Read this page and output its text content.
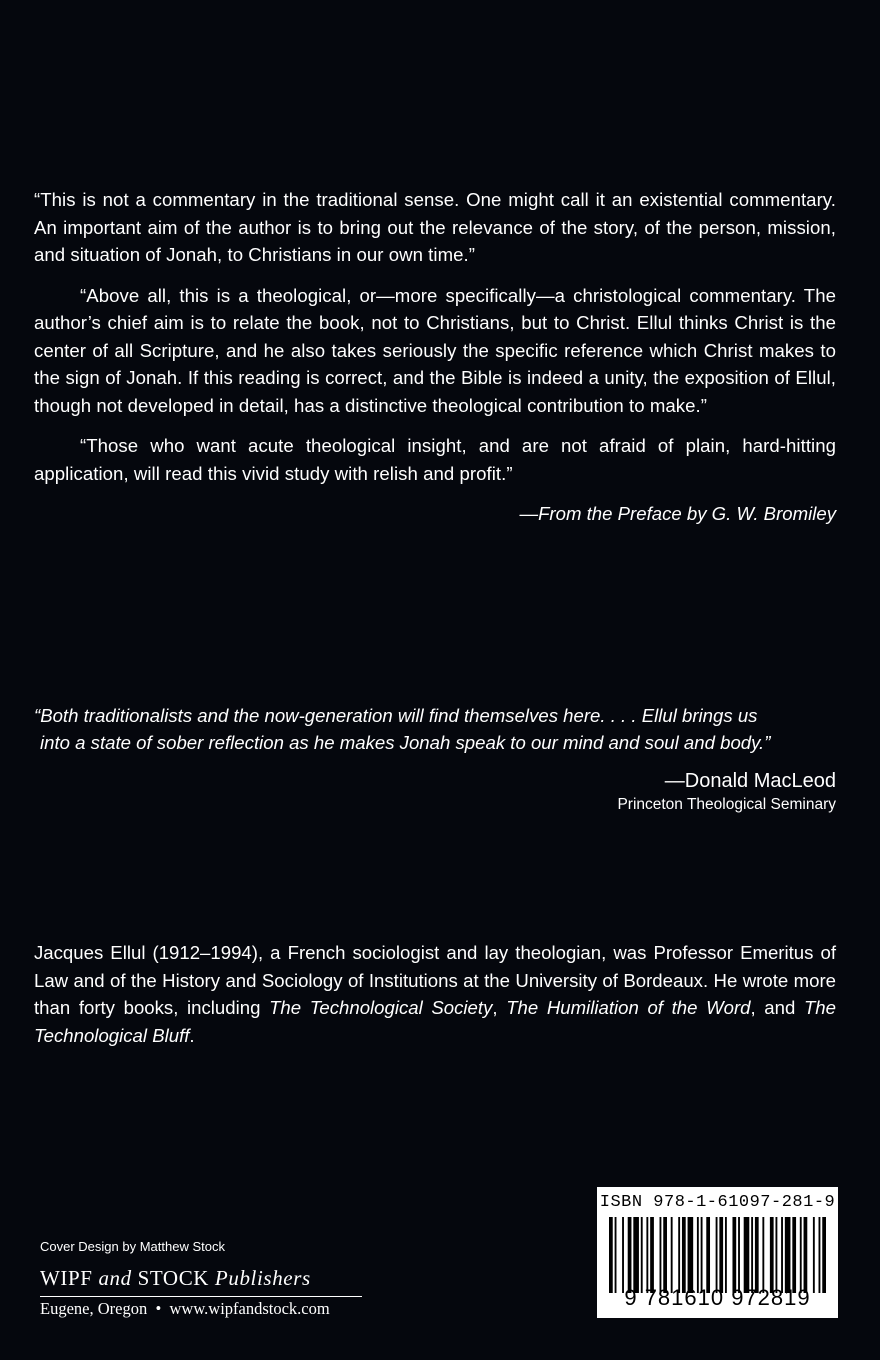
“This is not a commentary in the traditional sense. One might call it an existential commentary. An important aim of the author is to bring out the relevance of the story, of the person, mission, and situation of Jonah, to Christians in our own time.”

“Above all, this is a theological, or—more specifically—a christological commentary. The author’s chief aim is to relate the book, not to Christians, but to Christ. Ellul thinks Christ is the center of all Scripture, and he also takes seriously the specific reference which Christ makes to the sign of Jonah. If this reading is correct, and the Bible is indeed a unity, the exposition of Ellul, though not developed in detail, has a distinctive theological contribution to make.”

“Those who want acute theological insight, and are not afraid of plain, hard-hitting application, will read this vivid study with relish and profit.”

—From the Preface by G. W. Bromiley

“Both traditionalists and the now-generation will find themselves here. . . . Ellul brings us
into a state of sober reflection as he makes Jonah speak to our mind and soul and body.”

—Donald MacLeod
Princeton Theological Seminary

Jacques Ellul (1912–1994), a French sociologist and lay theologian, was Professor Emeritus of Law and of the History and Sociology of Institutions at the University of Bordeaux. He wrote more than forty books, including The Technological Society, The Humiliation of the Word, and The Technological Bluff.

Cover Design by Matthew Stock
WIPF and STOCK Publishers
Eugene, Oregon  •  www.wipfandstock.com
ISBN 978-1-61097-281-9
9 781610 972819
